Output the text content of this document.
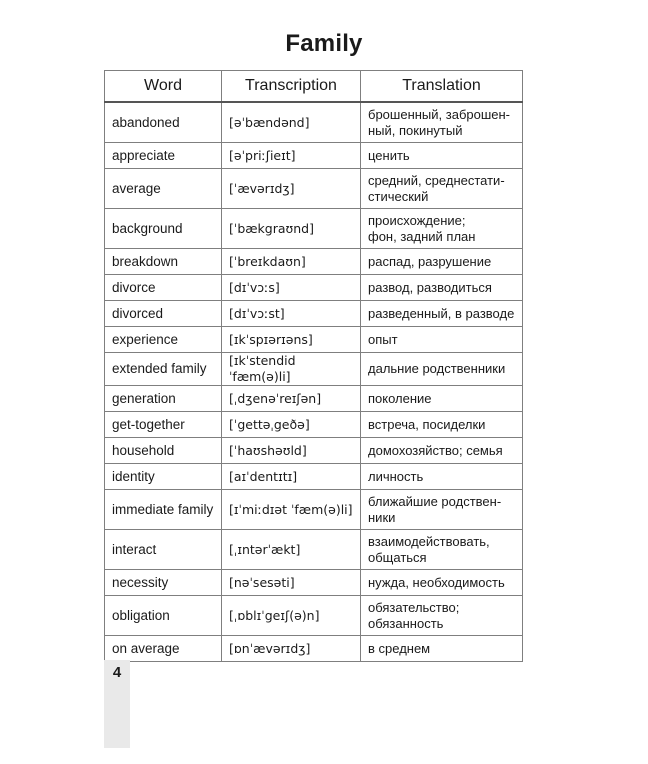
Family
Word	Transcription	Translation
abandoned	[əˈbændənd]	брошенный, заброшен-
ный, покинутый

appreciate	[əˈpriːʃieɪt]	ценить

average	[ˈævərɪdʒ]	средний, среднестати-
стический

background	[ˈbækgraʊnd]	происхождение;
фон, задний план

breakdown	[ˈbreɪkdaʊn]	распад, разрушение

divorce	[dɪˈvɔːs]	развод, разводиться

divorced	[dɪˈvɔːst]	разведенный, в разводе

experience	[ɪkˈspɪərɪəns]	опыт

extended family	[ɪkˈstendid ˈfæm(ə)li]	дальние родственники

generation	[ˌdʒenəˈreɪʃən]	поколение

get-together	[ˈgettəˌgeðə]	встреча, посиделки

household	[ˈhaʊshəʊld]	домохозяйство; семья

identity	[aɪˈdentɪtɪ]	личность

immediate family	[ɪˈmiːdɪət ˈfæm(ə)li]	ближайшие родствен-
ники

interact	[ˌɪntərˈækt]	взаимодействовать,
общаться

necessity	[nəˈsesəti]	нужда, необходимость

obligation	[ˌɒblɪˈgeɪʃ(ə)n]	обязательство;
обязанность

on average	[ɒnˈævərɪdʒ]	в среднем
4
